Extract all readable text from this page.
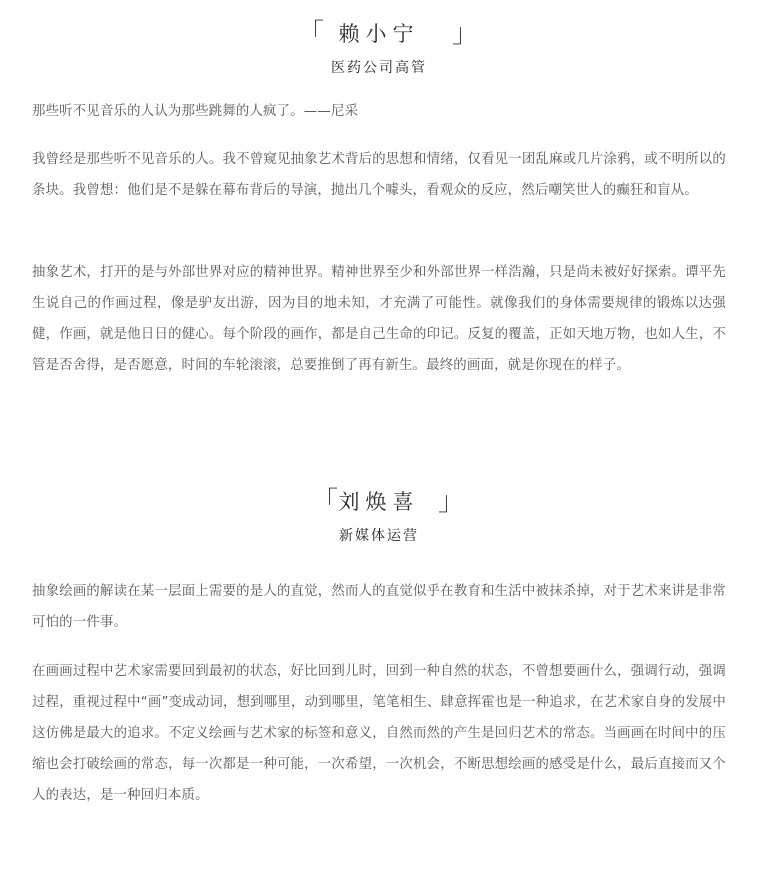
「 赖小宁 」
医药公司高管

那些听不见音乐的人认为那些跳舞的人疯了。——尼采

我曾经是那些听不见音乐的人。我不曾窥见抽象艺术背后的思想和情绪，仅看见一团乱麻或几片涂鸦，或不明所以的条块。我曾想：他们是不是躲在幕布背后的导演，抛出几个噱头，看观众的反应，然后嘲笑世人的癫狂和盲从。

抽象艺术，打开的是与外部世界对应的精神世界。精神世界至少和外部世界一样浩瀚，只是尚未被好好探索。谭平先生说自己的作画过程，像是驴友出游，因为目的地未知，才充满了可能性。就像我们的身体需要规律的锻炼以达强健，作画，就是他日日的健心。每个阶段的画作，都是自己生命的印记。反复的覆盖，正如天地万物，也如人生，不管是否舍得，是否愿意，时间的车轮滚滚，总要推倒了再有新生。最终的画面，就是你现在的样子。

「 刘焕喜 」
新媒体运营

抽象绘画的解读在某一层面上需要的是人的直觉，然而人的直觉似乎在教育和生活中被抹杀掉，对于艺术来讲是非常可怕的一件事。

在画画过程中艺术家需要回到最初的状态，好比回到儿时，回到一种自然的状态，不曾想要画什么，强调行动，强调过程，重视过程中“画”变成动词，想到哪里，动到哪里，笔笔相生、肆意挥霍也是一种追求，在艺术家自身的发展中这仿佛是最大的追求。不定义绘画与艺术家的标签和意义，自然而然的产生是回归艺术的常态。当画画在时间中的压缩也会打破绘画的常态，每一次都是一种可能，一次希望，一次机会，不断思想绘画的感受是什么，最后直接而又个人的表达，是一种回归本质。
